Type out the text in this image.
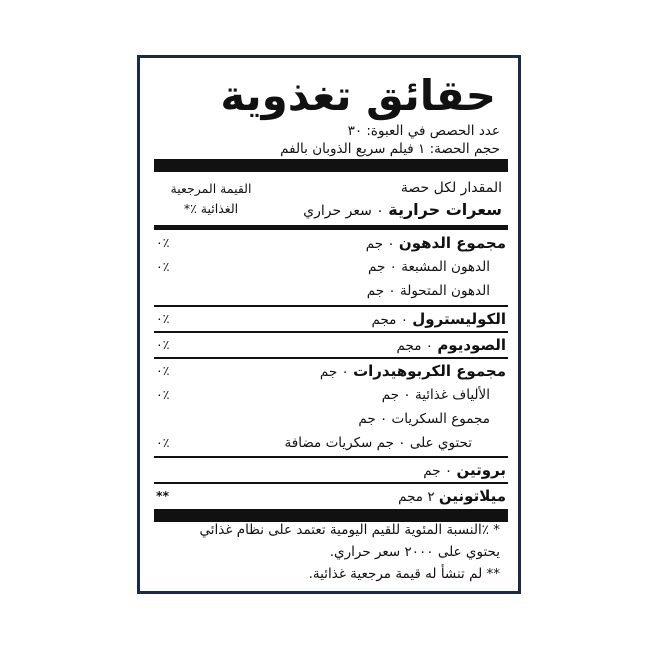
حقائق تغذوية
عدد الحصص في العبوة: ٣٠
حجم الحصة: ١ فيلم سريع الذوبان بالفم
القيمة المرجعية
الغذائية ٪*
المقدار لكل حصة
سعرات حرارية ٠ سعر حراري
مجموع الدهون ٠ جم
٠٪
الدهون المشبعة ٠ جم
٠٪
الدهون المتحولة ٠ جم
الكوليسترول ٠ مجم
٠٪
الصوديوم ٠ مجم
٠٪
مجموع الكربوهيدرات ٠ جم
٠٪
الألياف غذائية ٠ جم
٠٪
مجموع السكريات ٠ جم
تحتوي على ٠ جم سكريات مضافة
٠٪
بروتين ٠ جم
ميلاتونين ٢ مجم
**
* ٪النسبة المئوية للقيم اليومية تعتمد على نظام غذائي
يحتوي على ٢٠٠٠ سعر حراري.
** لم تنشأ له قيمة مرجعية غذائية.
